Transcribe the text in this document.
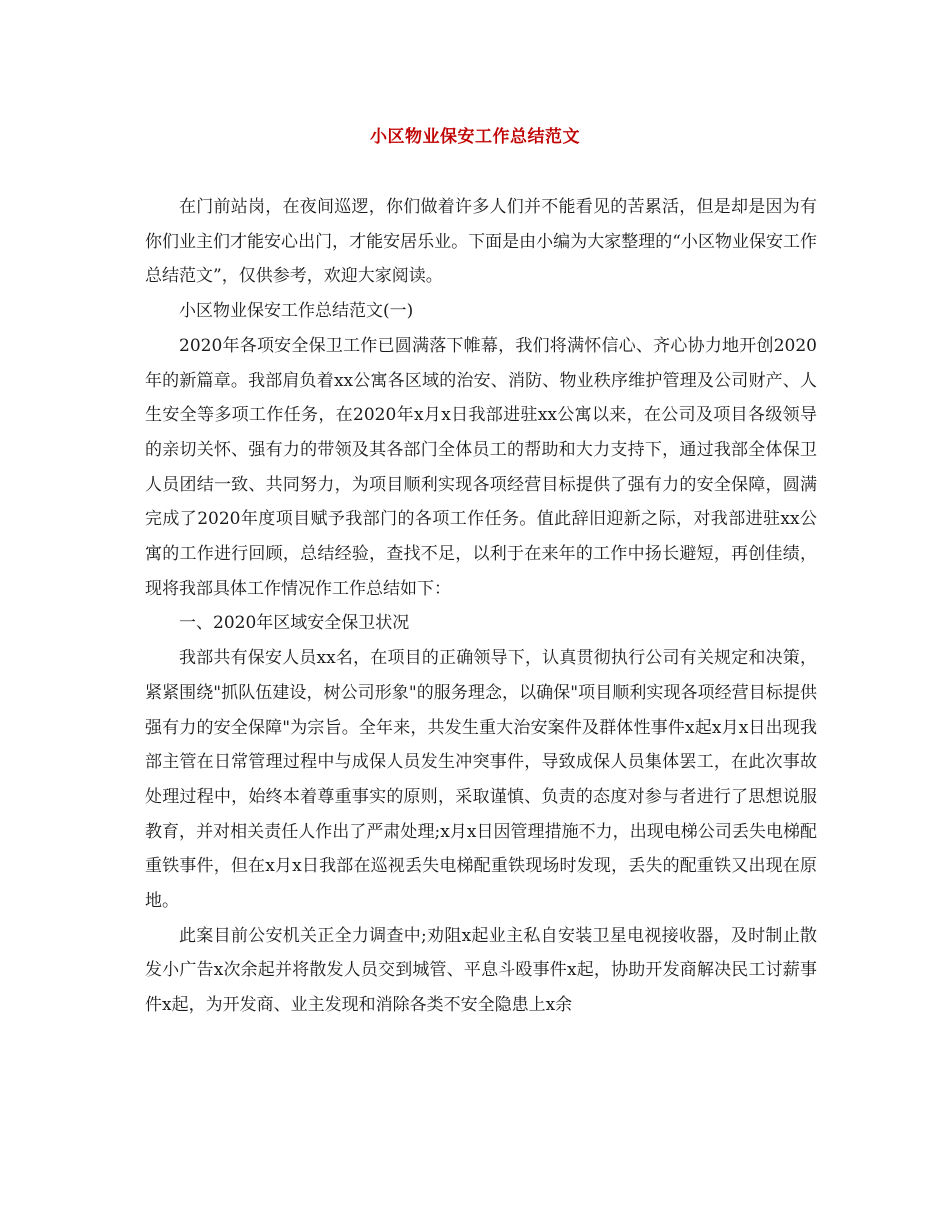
小区物业保安工作总结范文

在门前站岗，在夜间巡逻，你们做着许多人们并不能看见的苦累活，但是却是因为有你们业主们才能安心出门，才能安居乐业。下面是由小编为大家整理的“小区物业保安工作总结范文”，仅供参考，欢迎大家阅读。

小区物业保安工作总结范文(一)

2020年各项安全保卫工作已圆满落下帷幕，我们将满怀信心、齐心协力地开创2020年的新篇章。我部肩负着xx公寓各区域的治安、消防、物业秩序维护管理及公司财产、人生安全等多项工作任务，在2020年x月x日我部进驻xx公寓以来，在公司及项目各级领导的亲切关怀、强有力的带领及其各部门全体员工的帮助和大力支持下，通过我部全体保卫人员团结一致、共同努力，为项目顺利实现各项经营目标提供了强有力的安全保障，圆满完成了2020年度项目赋予我部门的各项工作任务。值此辞旧迎新之际，对我部进驻xx公寓的工作进行回顾，总结经验，查找不足，以利于在来年的工作中扬长避短，再创佳绩，现将我部具体工作情况作工作总结如下：

一、2020年区域安全保卫状况

我部共有保安人员xx名，在项目的正确领导下，认真贯彻执行公司有关规定和决策，紧紧围绕"抓队伍建设，树公司形象"的服务理念，以确保"项目顺利实现各项经营目标提供强有力的安全保障"为宗旨。全年来，共发生重大治安案件及群体性事件x起x月x日出现我部主管在日常管理过程中与成保人员发生冲突事件，导致成保人员集体罢工，在此次事故处理过程中，始终本着尊重事实的原则，采取谨慎、负责的态度对参与者进行了思想说服教育，并对相关责任人作出了严肃处理;x月x日因管理措施不力，出现电梯公司丢失电梯配重铁事件，但在x月x日我部在巡视丢失电梯配重铁现场时发现，丢失的配重铁又出现在原地。

此案目前公安机关正全力调查中;劝阻x起业主私自安装卫星电视接收器，及时制止散发小广告x次余起并将散发人员交到城管、平息斗殴事件x起，协助开发商解决民工讨薪事件x起，为开发商、业主发现和消除各类不安全隐患上x余
